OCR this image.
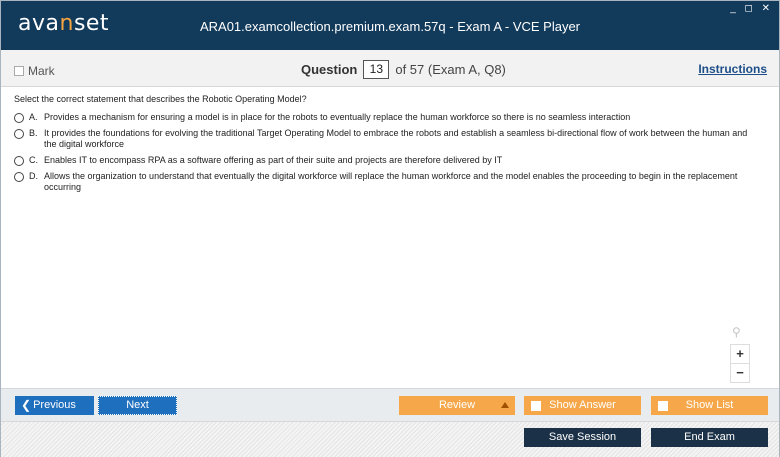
avanset	ARA01.examcollection.premium.exam.57q - Exam A - VCE Player
_ ◻ ✕
Mark	Question	13 of 57 (Exam A, Q8)	Instructions
Select the correct statement that describes the Robotic Operating Model?
A. Provides a mechanism for ensuring a model is in place for the robots to eventually replace the human workforce so there is no seamless interaction
B. It provides the foundations for evolving the traditional Target Operating Model to embrace the robots and establish a seamless bi-directional flow of work between the human and the digital workforce
C. Enables IT to encompass RPA as a software offering as part of their suite and projects are therefore delivered by IT
D. Allows the organization to understand that eventually the digital workforce will replace the human workforce and the model enables the proceeding to begin in the replacement occurring
⚲
+
−
❮ Previous	Next	Review	Show Answer	Show List
Save Session	End Exam
